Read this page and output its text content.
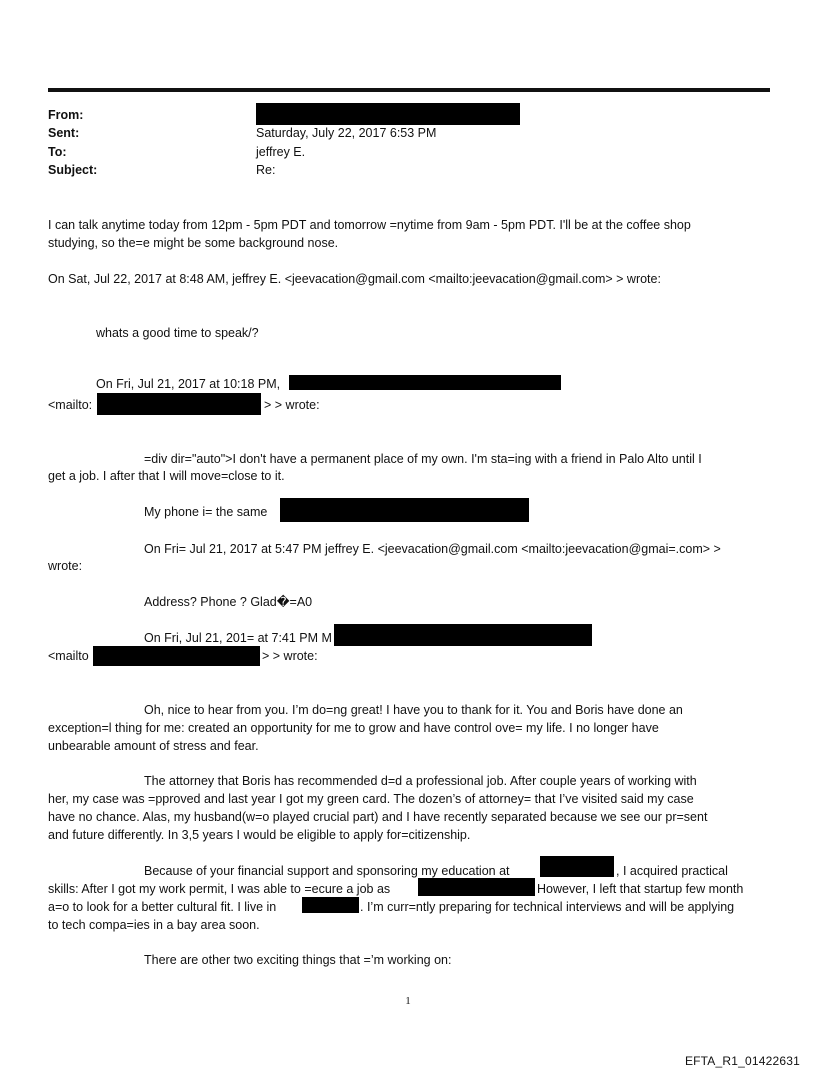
From:
Sent:	Saturday, July 22, 2017 6:53 PM
To:	jeffrey E.
Subject:	Re:
I can talk anytime today from 12pm - 5pm PDT and tomorrow =nytime from 9am - 5pm PDT. I'll be at the coffee shop
studying, so the=e might be some background nose.
On Sat, Jul 22, 2017 at 8:48 AM, jeffrey E. <jeevacation@gmail.com <mailto:jeevacation@gmail.com> > wrote:
whats a good time to speak/?
On Fri, Jul 21, 2017 at 10:18 PM,
<mailto:	> > wrote:
=div dir="auto">I don't have a permanent place of my own. I'm sta=ing with a friend in Palo Alto until I
get a job. I after that I will move=close to it.
My phone i= the same
On Fri= Jul 21, 2017 at 5:47 PM jeffrey E. <jeevacation@gmail.com <mailto:jeevacation@gmai=.com> >
wrote:
Address? Phone ? Glad�=A0
On Fri, Jul 21, 201= at 7:41 PM M
<mailto	> > wrote:
Oh, nice to hear from you. I’m do=ng great! I have you to thank for it. You and Boris have done an
exception=l thing for me: created an opportunity for me to grow and have control ove= my life. I no longer have
unbearable amount of stress and fear.
The attorney that Boris has recommended d=d a professional job. After couple years of working with
her, my case was =pproved and last year I got my green card. The dozen’s of attorney= that I’ve visited said my case
have no chance. Alas, my husband(w=o played crucial part) and I have recently separated because we see our pr=sent
and future differently. In 3,5 years I would be eligible to apply for=citizenship.
Because of your financial support and sponsoring my education at	, I acquired practical
skills: After I got my work permit, I was able to =ecure a job as	However, I left that startup few month
a=o to look for a better cultural fit. I live in	. I’m curr=ntly preparing for technical interviews and will be applying
to tech compa=ies in a bay area soon.
There are other two exciting things that =’m working on:
1
EFTA_R1_01422631
